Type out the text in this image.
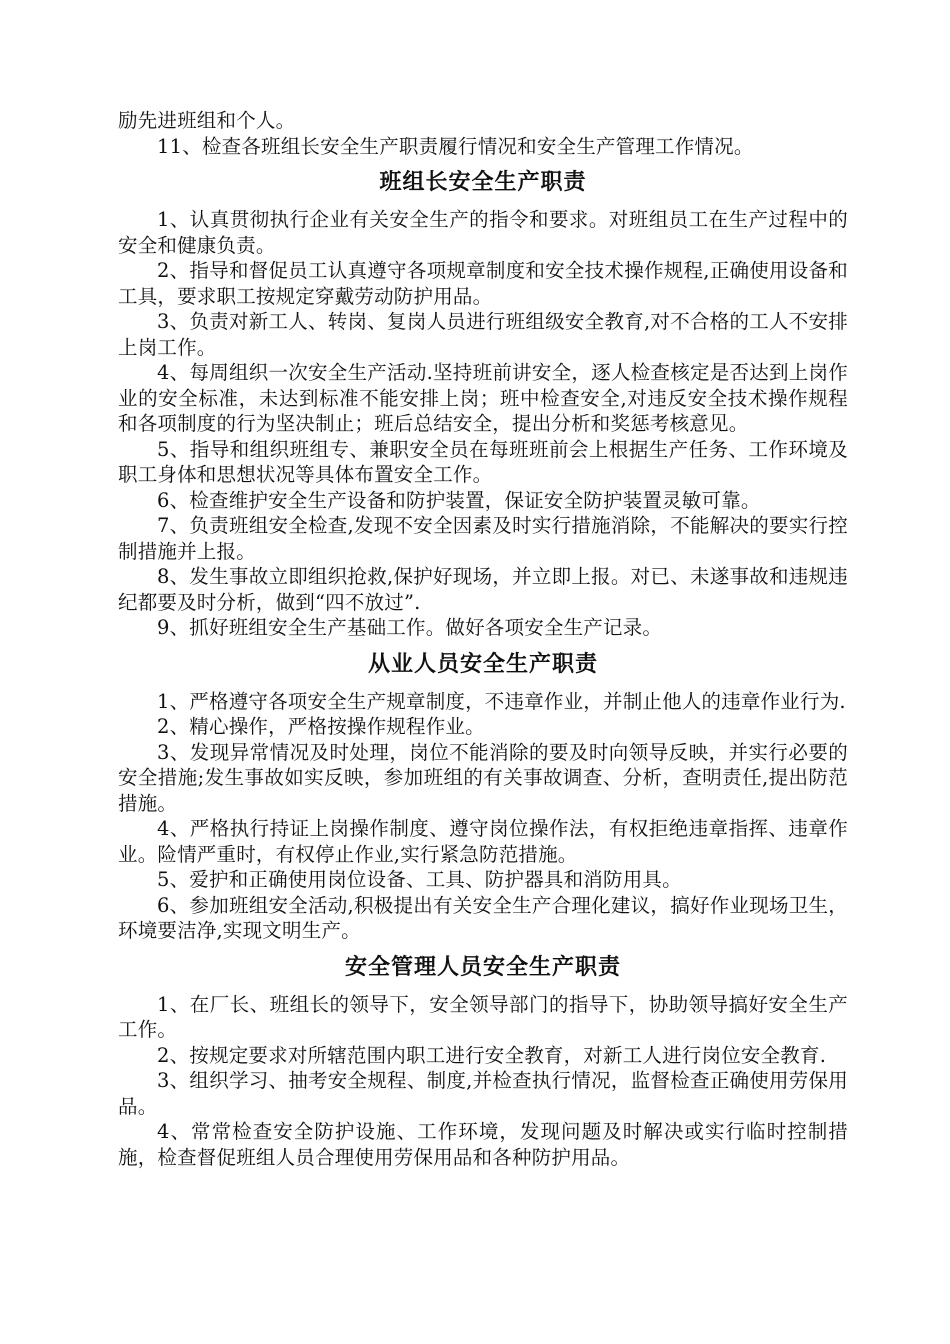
励先进班组和个人。

11、检查各班组长安全生产职责履行情况和安全生产管理工作情况。

班组长安全生产职责

1、认真贯彻执行企业有关安全生产的指令和要求。对班组员工在生产过程中的安全和健康负责。

2、指导和督促员工认真遵守各项规章制度和安全技术操作规程,正确使用设备和工具，要求职工按规定穿戴劳动防护用品。

3、负责对新工人、转岗、复岗人员进行班组级安全教育,对不合格的工人不安排上岗工作。

4、每周组织一次安全生产活动.坚持班前讲安全，逐人检查核定是否达到上岗作业的安全标准，未达到标准不能安排上岗；班中检查安全,对违反安全技术操作规程和各项制度的行为坚决制止；班后总结安全，提出分析和奖惩考核意见。

5、指导和组织班组专、兼职安全员在每班班前会上根据生产任务、工作环境及职工身体和思想状况等具体布置安全工作。

6、检查维护安全生产设备和防护装置，保证安全防护装置灵敏可靠。

7、负责班组安全检查,发现不安全因素及时实行措施消除，不能解决的要实行控制措施并上报。

8、发生事故立即组织抢救,保护好现场，并立即上报。对已、未遂事故和违规违纪都要及时分析，做到“四不放过”.

9、抓好班组安全生产基础工作。做好各项安全生产记录。

从业人员安全生产职责

1、严格遵守各项安全生产规章制度，不违章作业，并制止他人的违章作业行为.

2、精心操作，严格按操作规程作业。

3、发现异常情况及时处理，岗位不能消除的要及时向领导反映，并实行必要的安全措施;发生事故如实反映，参加班组的有关事故调查、分析，查明责任,提出防范措施。

4、严格执行持证上岗操作制度、遵守岗位操作法，有权拒绝违章指挥、违章作业。险情严重时，有权停止作业,实行紧急防范措施。

5、爱护和正确使用岗位设备、工具、防护器具和消防用具。

6、参加班组安全活动,积极提出有关安全生产合理化建议，搞好作业现场卫生，环境要洁净,实现文明生产。

安全管理人员安全生产职责

1、在厂长、班组长的领导下，安全领导部门的指导下，协助领导搞好安全生产工作。

2、按规定要求对所辖范围内职工进行安全教育，对新工人进行岗位安全教育.

3、组织学习、抽考安全规程、制度,并检查执行情况，监督检查正确使用劳保用品。

4、常常检查安全防护设施、工作环境，发现问题及时解决或实行临时控制措施，检查督促班组人员合理使用劳保用品和各种防护用品。
